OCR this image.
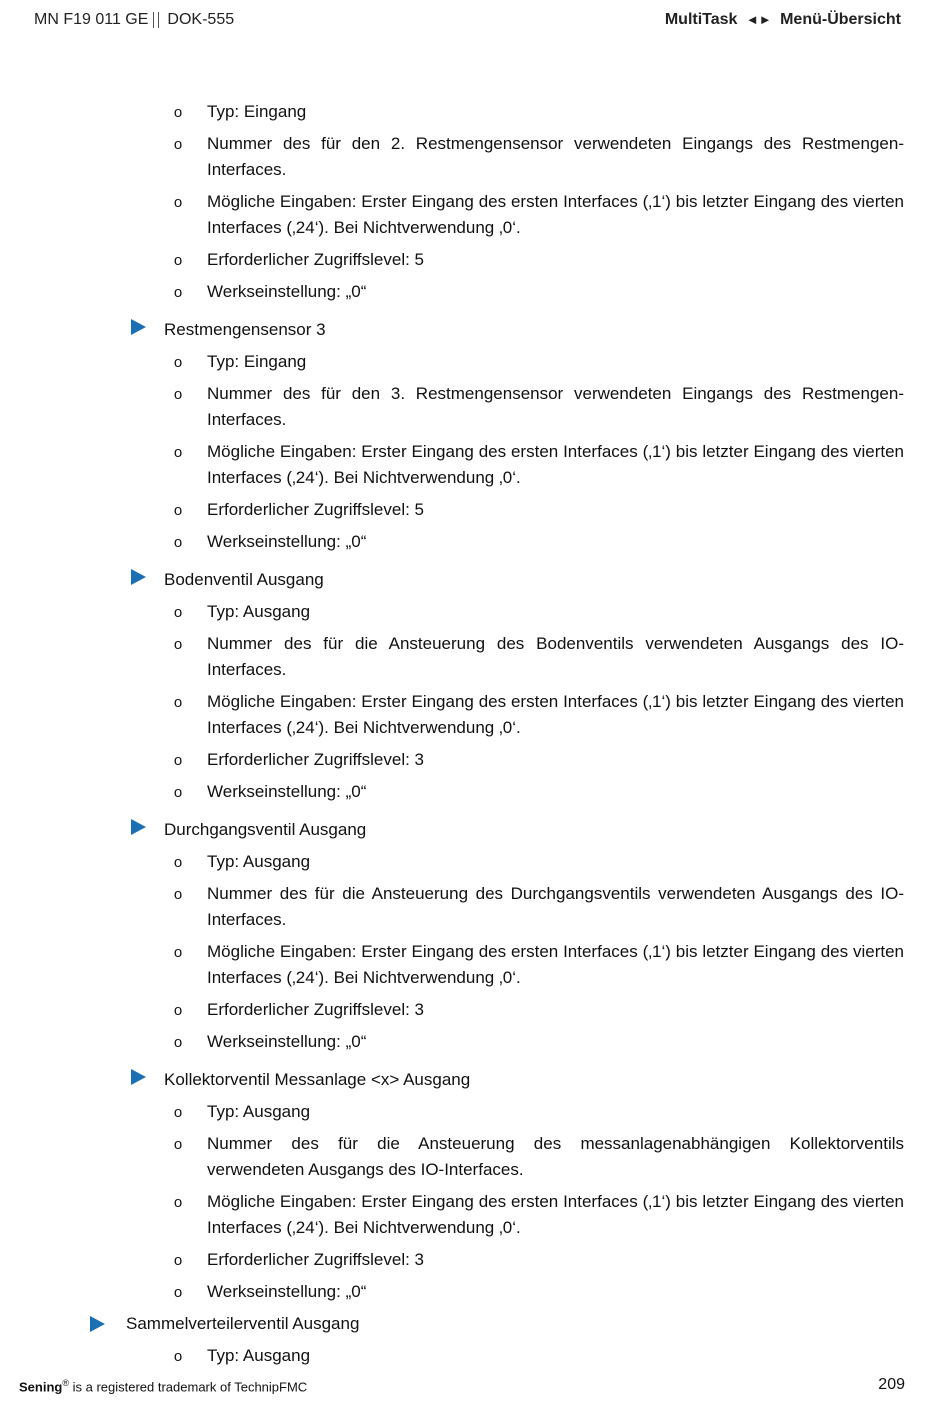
MN F19 011 GE DOK-555	MultiTask ◄► Menü-Übersicht
o Typ: Eingang
o Nummer des für den 2. Restmengensensor verwendeten Eingangs des Restmengen-Interfaces.
o Mögliche Eingaben: Erster Eingang des ersten Interfaces (‚1‘) bis letzter Eingang des vierten Interfaces (‚24‘). Bei Nichtverwendung ‚0‘.
o Erforderlicher Zugriffslevel: 5
o Werkseinstellung: „0“
Restmengensensor 3
o Typ: Eingang
o Nummer des für den 3. Restmengensensor verwendeten Eingangs des Restmengen-Interfaces.
o Mögliche Eingaben: Erster Eingang des ersten Interfaces (‚1‘) bis letzter Eingang des vierten Interfaces (‚24‘). Bei Nichtverwendung ‚0‘.
o Erforderlicher Zugriffslevel: 5
o Werkseinstellung: „0“
Bodenventil Ausgang
o Typ: Ausgang
o Nummer des für die Ansteuerung des Bodenventils verwendeten Ausgangs des IO-Interfaces.
o Mögliche Eingaben: Erster Eingang des ersten Interfaces (‚1‘) bis letzter Eingang des vierten Interfaces (‚24‘). Bei Nichtverwendung ‚0‘.
o Erforderlicher Zugriffslevel: 3
o Werkseinstellung: „0“
Durchgangsventil Ausgang
o Typ: Ausgang
o Nummer des für die Ansteuerung des Durchgangsventils verwendeten Ausgangs des IO-Interfaces.
o Mögliche Eingaben: Erster Eingang des ersten Interfaces (‚1‘) bis letzter Eingang des vierten Interfaces (‚24‘). Bei Nichtverwendung ‚0‘.
o Erforderlicher Zugriffslevel: 3
o Werkseinstellung: „0“
Kollektorventil Messanlage <x> Ausgang
o Typ: Ausgang
o Nummer des für die Ansteuerung des messanlagenabhängigen Kollektorventils verwendeten Ausgangs des IO-Interfaces.
o Mögliche Eingaben: Erster Eingang des ersten Interfaces (‚1‘) bis letzter Eingang des vierten Interfaces (‚24‘). Bei Nichtverwendung ‚0‘.
o Erforderlicher Zugriffslevel: 3
o Werkseinstellung: „0“
Sammelverteilerventil Ausgang
o Typ: Ausgang
Sening® is a registered trademark of TechnipFMC	209
